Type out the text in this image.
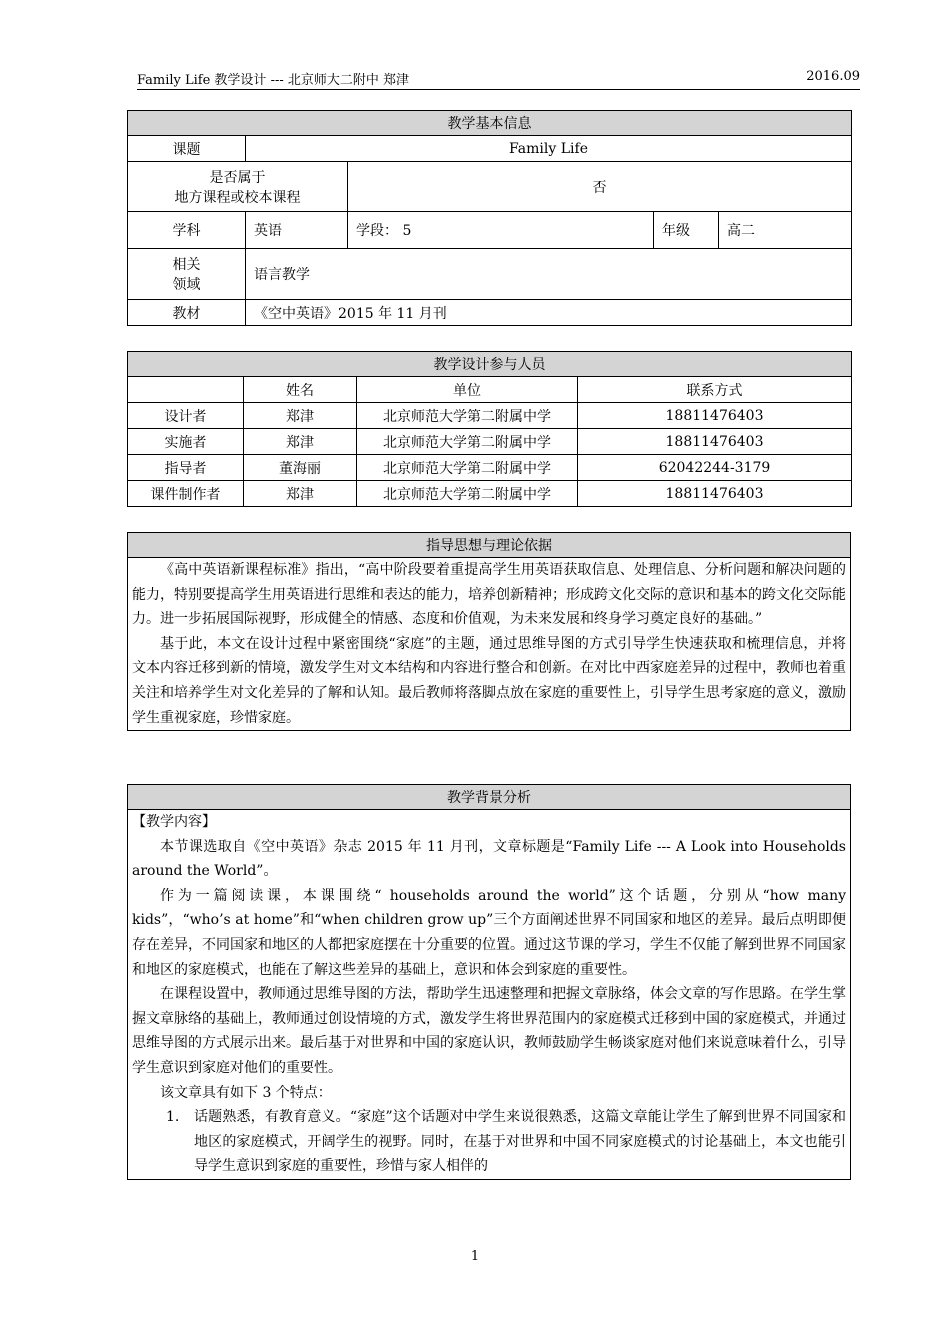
Family Life 教学设计 --- 北京师大二附中 郑津	2016.09
教学基本信息				
课题	Family Life			

是否属于
地方课程或校本课程		否		
学科	英语	学段： 5	年级	高二

相关
领域	语言教学			
教材	《空中英语》2015 年 11 月刊			
教学设计参与人员			
	姓名	单位	联系方式
设计者	郑津	北京师范大学第二附属中学	18811476403
实施者	郑津	北京师范大学第二附属中学	18811476403
指导者	董海丽	北京师范大学第二附属中学	62042244-3179
课件制作者	郑津	北京师范大学第二附属中学	18811476403
指导思想与理论依据

《高中英语新课程标准》指出，“高中阶段要着重提高学生用英语获取信息、处理信息、分析问题和解决问题的能力，特别要提高学生用英语进行思维和表达的能力，培养创新精神；形成跨文化交际的意识和基本的跨文化交际能力。进一步拓展国际视野，形成健全的情感、态度和价值观，为未来发展和终身学习奠定良好的基础。”

基于此，本文在设计过程中紧密围绕“家庭”的主题，通过思维导图的方式引导学生快速获取和梳理信息，并将文本内容迁移到新的情境，激发学生对文本结构和内容进行整合和创新。在对比中西家庭差异的过程中，教师也着重关注和培养学生对文化差异的了解和认知。最后教师将落脚点放在家庭的重要性上，引导学生思考家庭的意义，激励学生重视家庭，珍惜家庭。

教学背景分析

【教学内容】

本节课选取自《空中英语》杂志 2015 年 11 月刊，文章标题是“Family Life --- A Look into Households around the World”。

作为一篇阅读课，本课围绕“ households around the world”这个话题，分别从“how many kids”，“who’s at home”和“when children grow up”三个方面阐述世界不同国家和地区的差异。最后点明即便存在差异，不同国家和地区的人都把家庭摆在十分重要的位置。通过这节课的学习，学生不仅能了解到世界不同国家和地区的家庭模式，也能在了解这些差异的基础上，意识和体会到家庭的重要性。

在课程设置中，教师通过思维导图的方法，帮助学生迅速整理和把握文章脉络，体会文章的写作思路。在学生掌握文章脉络的基础上，教师通过创设情境的方式，激发学生将世界范围内的家庭模式迁移到中国的家庭模式，并通过思维导图的方式展示出来。最后基于对世界和中国的家庭认识，教师鼓励学生畅谈家庭对他们来说意味着什么，引导学生意识到家庭对他们的重要性。

该文章具有如下 3 个特点：

1. 话题熟悉，有教育意义。“家庭”这个话题对中学生来说很熟悉，这篇文章能让学生了解到世界不同国家和地区的家庭模式，开阔学生的视野。同时，在基于对世界和中国不同家庭模式的讨论基础上，本文也能引导学生意识到家庭的重要性，珍惜与家人相伴的
1
